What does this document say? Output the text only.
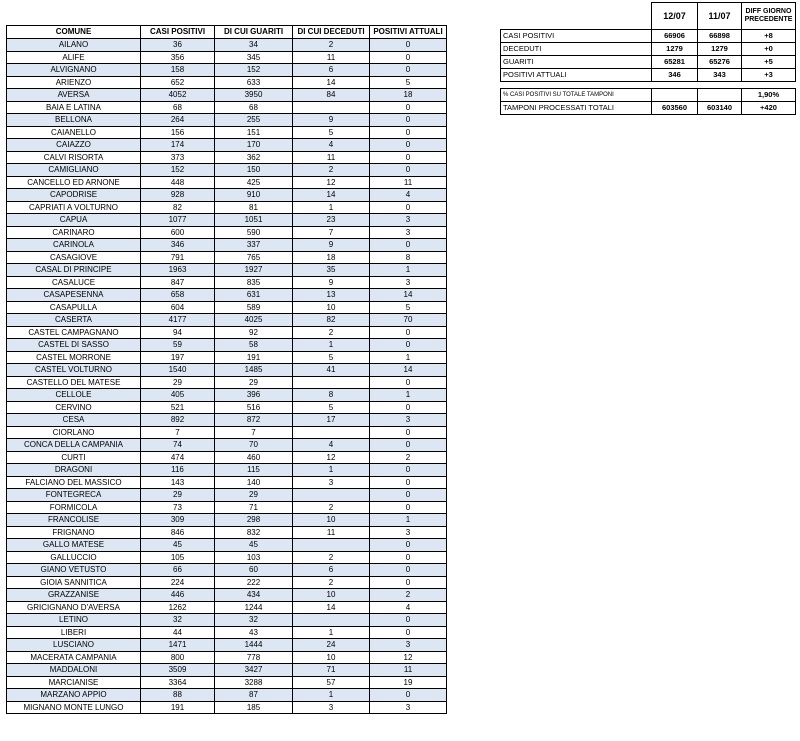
COMUNE	CASI POSITIVI	DI CUI GUARITI	DI CUI DECEDUTI	POSITIVI ATTUALI
AILANO	36	34	2	0
ALIFE	356	345	11	0
ALVIGNANO	158	152	6	0
ARIENZO	652	633	14	5
AVERSA	4052	3950	84	18
BAIA E LATINA	68	68		0
BELLONA	264	255	9	0
CAIANELLO	156	151	5	0
CAIAZZO	174	170	4	0
CALVI RISORTA	373	362	11	0
CAMIGLIANO	152	150	2	0
CANCELLO ED ARNONE	448	425	12	11
CAPODRISE	928	910	14	4
CAPRIATI A VOLTURNO	82	81	1	0
CAPUA	1077	1051	23	3
CARINARO	600	590	7	3
CARINOLA	346	337	9	0
CASAGIOVE	791	765	18	8
CASAL DI PRINCIPE	1963	1927	35	1
CASALUCE	847	835	9	3
CASAPESENNA	658	631	13	14
CASAPULLA	604	589	10	5
CASERTA	4177	4025	82	70
CASTEL CAMPAGNANO	94	92	2	0
CASTEL DI SASSO	59	58	1	0
CASTEL MORRONE	197	191	5	1
CASTEL VOLTURNO	1540	1485	41	14
CASTELLO DEL MATESE	29	29		0
CELLOLE	405	396	8	1
CERVINO	521	516	5	0
CESA	892	872	17	3
CIORLANO	7	7		0
CONCA DELLA CAMPANIA	74	70	4	0
CURTI	474	460	12	2
DRAGONI	116	115	1	0
FALCIANO DEL MASSICO	143	140	3	0
FONTEGRECA	29	29		0
FORMICOLA	73	71	2	0
FRANCOLISE	309	298	10	1
FRIGNANO	846	832	11	3
GALLO MATESE	45	45		0
GALLUCCIO	105	103	2	0
GIANO VETUSTO	66	60	6	0
GIOIA SANNITICA	224	222	2	0
GRAZZANISE	446	434	10	2
GRICIGNANO D'AVERSA	1262	1244	14	4
LETINO	32	32		0
LIBERI	44	43	1	0
LUSCIANO	1471	1444	24	3
MACERATA CAMPANIA	800	778	10	12
MADDALONI	3509	3427	71	11
MARCIANISE	3364	3288	57	19
MARZANO APPIO	88	87	1	0
MIGNANO MONTE LUNGO	191	185	3	3
	12/07	11/07	DIFF GIORNO
PRECEDENTE
CASI POSITIVI	66906	66898	+8
DECEDUTI	1279	1279	+0
GUARITI	65281	65276	+5
POSITIVI ATTUALI	346	343	+3

% CASI POSITIVI SU TOTALE TAMPONI			1,90%
TAMPONI PROCESSATI TOTALI	603560	603140	+420
